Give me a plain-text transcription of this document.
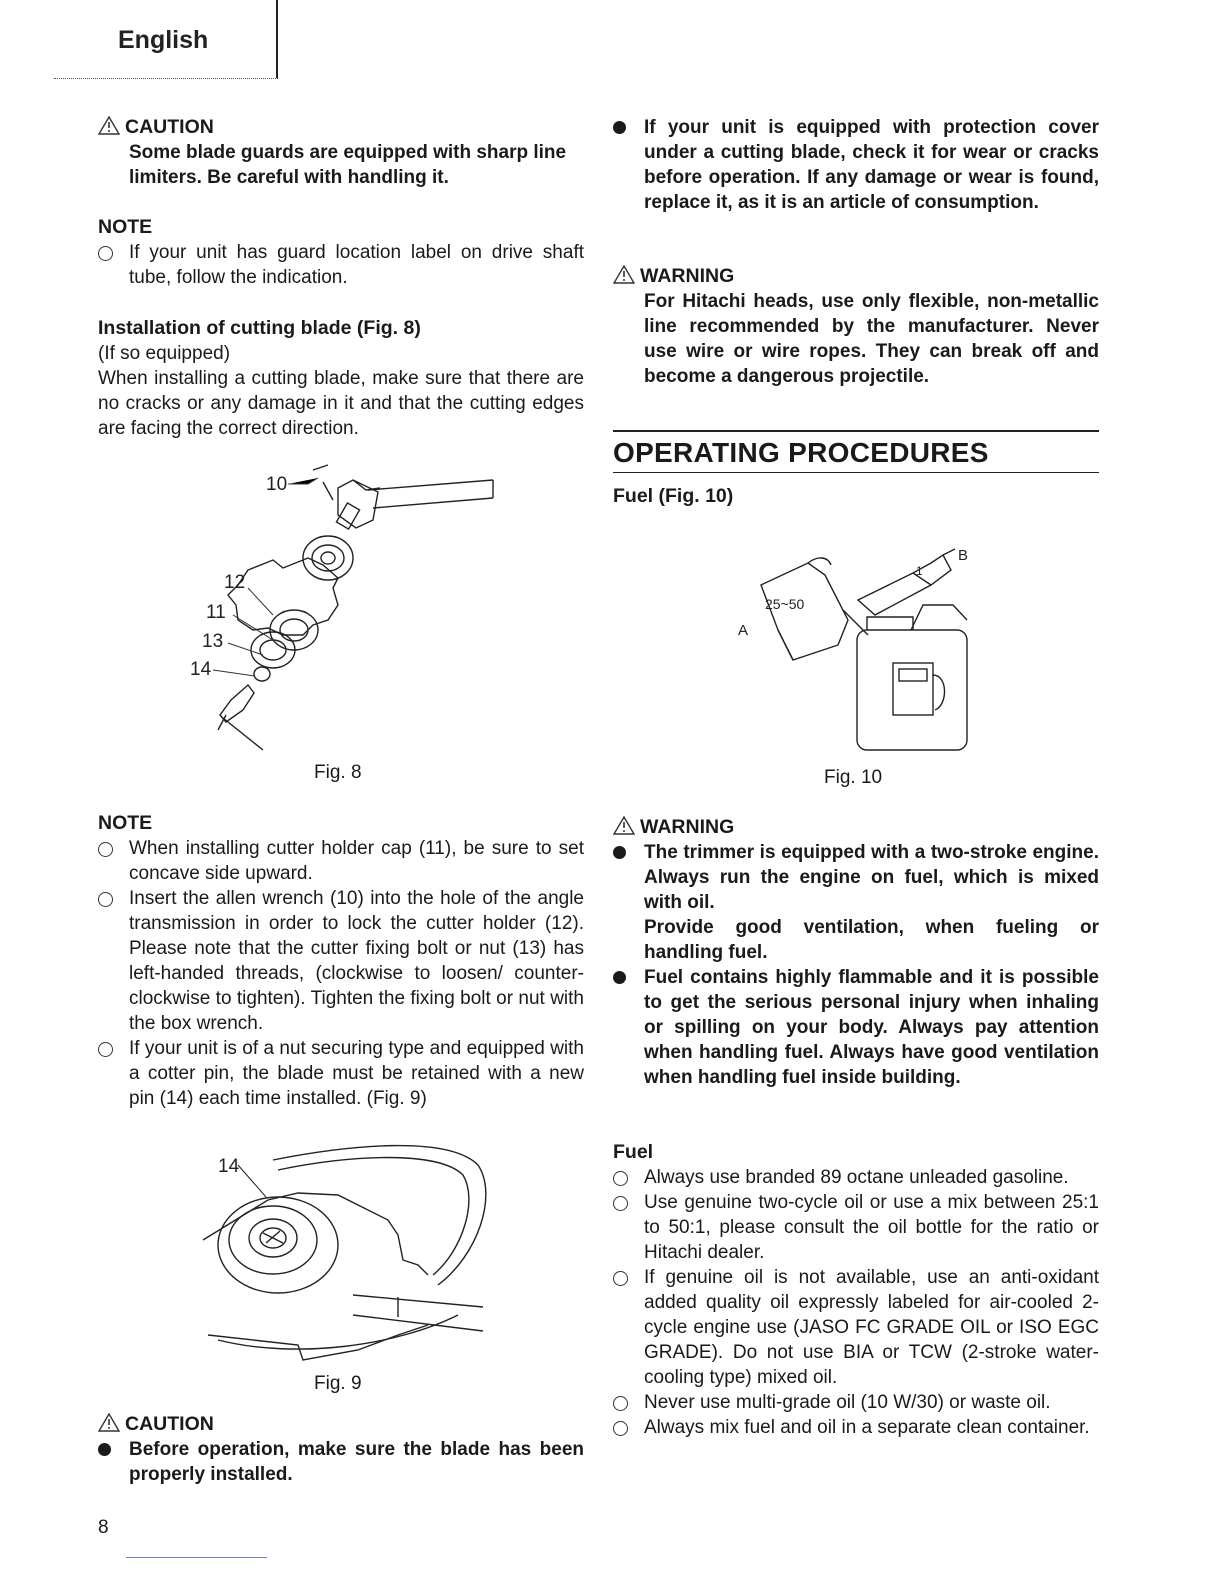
English
CAUTION

Some blade guards are equipped with sharp line limiters. Be careful with handling it.

NOTE
If your unit has guard location label on drive shaft tube, follow the indication.
Installation of cutting blade (Fig. 8)

(If so equipped)

When installing a cutting blade, make sure that there are no cracks or any damage in it and that the cutting edges are facing the correct direction.

10
12
11
13
14
Fig. 8
NOTE
When installing cutter holder cap (11), be sure to set concave side upward.
Insert the allen wrench (10) into the hole of the angle transmission in order to lock the cutter holder (12). Please note that the cutter fixing bolt or nut (13) has left-handed threads, (clockwise to loosen/ counter-clockwise to tighten). Tighten the fixing bolt or nut with the box wrench.
If your unit is of a nut securing type and equipped with a cotter pin, the blade must be retained with a new pin (14) each time installed. (Fig. 9)
14
Fig. 9
CAUTION
Before operation, make sure the blade has been properly installed.
If your unit is equipped with protection cover under a cutting blade, check it for wear or cracks before operation. If any damage or wear is found, replace it, as it is an article of consumption.
WARNING

For Hitachi heads, use only flexible, non-metallic line recommended by the manufacturer. Never use wire or wire ropes. They can break off and become a dangerous projectile.

Fuel (Fig. 10)
B
A
25~50
1
Fig. 10
WARNING
The trimmer is equipped with a two-stroke engine. Always run the engine on fuel, which is mixed with oil.

Provide good ventilation, when fueling or handling fuel.

Fuel contains highly flammable and it is possible to get the serious personal injury when inhaling or spilling on your body. Always pay attention when handling fuel. Always have good ventilation when handling fuel inside building.
Fuel
Always use branded 89 octane unleaded gasoline.
Use genuine two-cycle oil or use a mix between 25:1 to 50:1, please consult the oil bottle for the ratio or Hitachi dealer.
If genuine oil is not available, use an anti-oxidant added quality oil expressly labeled for air-cooled 2-cycle engine use (JASO FC GRADE OIL or ISO EGC GRADE). Do not use BIA or TCW (2-stroke water-cooling type) mixed oil.
Never use multi-grade oil (10 W/30) or waste oil.
Always mix fuel and oil in a separate clean container.
OPERATING PROCEDURES
8
